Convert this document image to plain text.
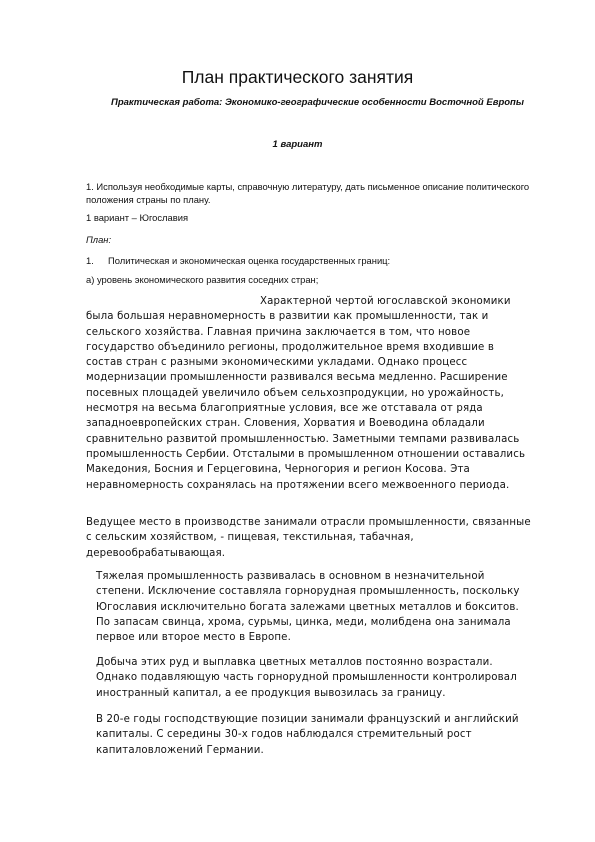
План практического занятия
Практическая работа: Экономико-географические особенности Восточной Европы
1 вариант
1. Используя необходимые карты, справочную литературу, дать письменное описание политического положения страны по плану.
1 вариант – Югославия
План:
1. Политическая и экономическая оценка государственных границ:
а) уровень экономического развития соседних стран;

Характерной чертой югославской экономики была большая неравномерность в развитии как промышленности, так и сельского хозяйства. Главная причина заключается в том, что новое государство объединило регионы, продолжительное время входившие в состав стран с разными экономическими укладами. Однако процесс модернизации промышленности развивался весьма медленно. Расширение посевных площадей увеличило объем сельхозпродукции, но урожайность, несмотря на весьма благоприятные условия, все же отставала от ряда западноевропейских стран. Словения, Хорватия и Воеводина обладали сравнительно развитой промышленностью. Заметными темпами развивалась промышленность Сербии. Отсталыми в промышленном отношении оставались Македония, Босния и Герцеговина, Черногория и регион Косова. Эта неравномерность сохранялась на протяжении всего межвоенного периода.

Ведущее место в производстве занимали отрасли промышленности, связанные с сельским хозяйством, - пищевая, текстильная, табачная, деревообрабатывающая.

Тяжелая промышленность развивалась в основном в незначительной степени. Исключение составляла горнорудная промышленность, поскольку Югославия исключительно богата залежами цветных металлов и бокситов. По запасам свинца, хрома, сурьмы, цинка, меди, молибдена она занимала первое или второе место в Европе.

Добыча этих руд и выплавка цветных металлов постоянно возрастали. Однако подавляющую часть горнорудной промышленности контролировал иностранный капитал, а ее продукция вывозилась за границу.

В 20-е годы господствующие позиции занимали французский и английский капиталы. С середины 30-х годов наблюдался стремительный рост капиталовложений Германии.
